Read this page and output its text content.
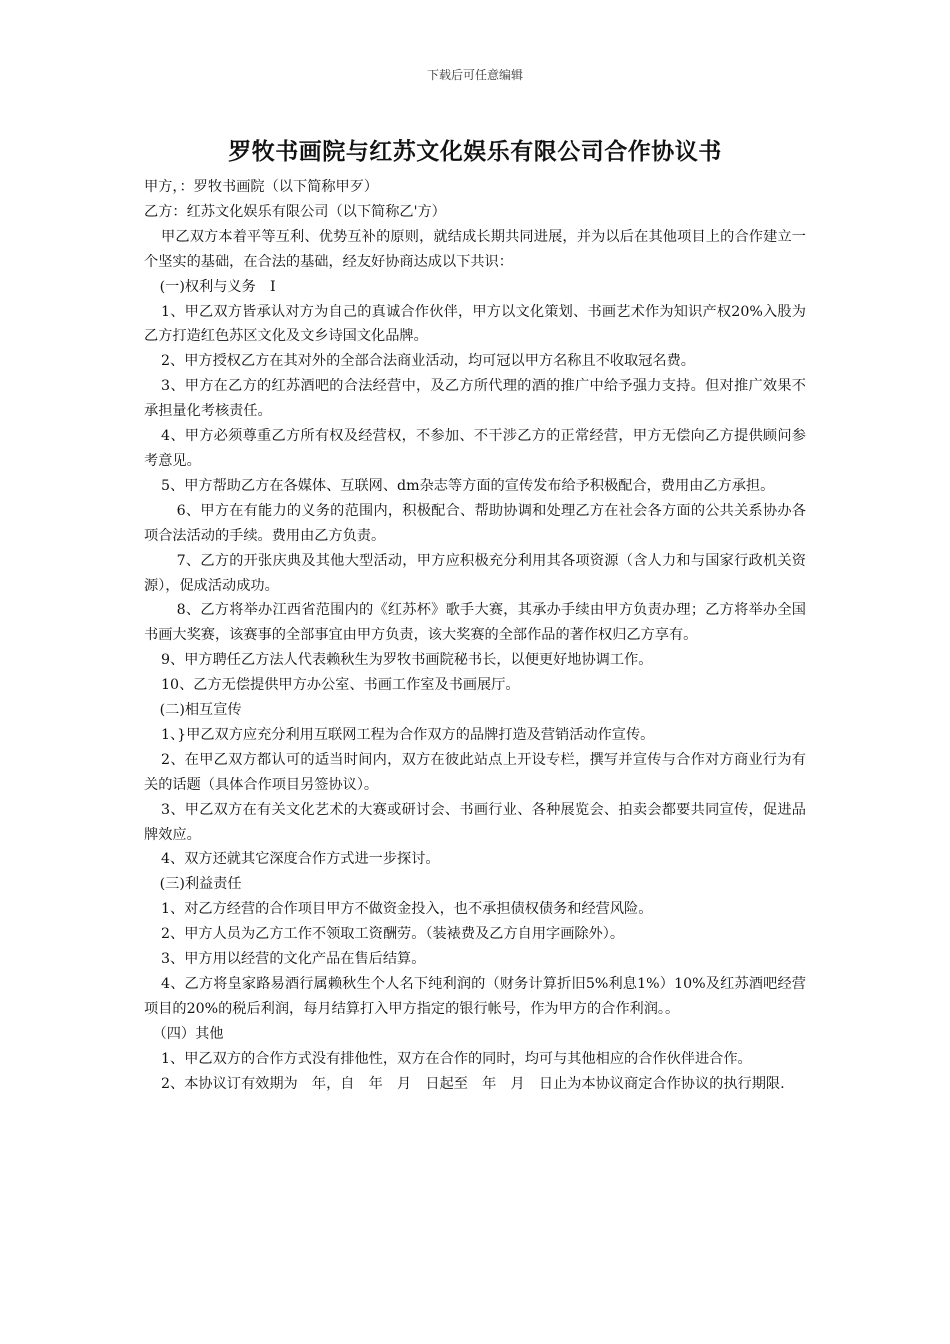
下载后可任意编辑
罗牧书画院与红苏文化娱乐有限公司合作协议书

甲方，：罗牧书画院（以下简称甲歹）

乙方：红苏文化娱乐有限公司（以下简称乙'方）

甲乙双方本着平等互利、优势互补的原则，就结成长期共同进展，并为以后在其他项目上的合作建立一个坚实的基础，在合法的基础，经友好协商达成以下共识：

(一)权利与义务　I

1、甲乙双方皆承认对方为自己的真诚合作伙伴，甲方以文化策划、书画艺术作为知识产权20%入股为乙方打造红色苏区文化及文乡诗国文化品牌。

2、甲方授权乙方在其对外的全部合法商业活动，均可冠以甲方名称且不收取冠名费。

3、甲方在乙方的红苏酒吧的合法经营中，及乙方所代理的酒的推广中给予强力支持。但对推广效果不承担量化考核责任。

4、甲方必须尊重乙方所有权及经营权，不参加、不干涉乙方的正常经营，甲方无偿向乙方提供顾问参考意见。

5、甲方帮助乙方在各媒体、互联网、dm杂志等方面的宣传发布给予积极配合，费用由乙方承担。

6、甲方在有能力的义务的范围内，积极配合、帮助协调和处理乙方在社会各方面的公共关系协办各项合法活动的手续。费用由乙方负责。

7、乙方的开张庆典及其他大型活动，甲方应积极充分利用其各项资源（含人力和与国家行政机关资源），促成活动成功。

8、乙方将举办江西省范围内的《红苏杯》歌手大赛，其承办手续由甲方负责办理；乙方将举办全国书画大奖赛，该赛事的全部事宜由甲方负责，该大奖赛的全部作品的著作权归乙方享有。

9、甲方聘任乙方法人代表赖秋生为罗牧书画院秘书长，以便更好地协调工作。

10、乙方无偿提供甲方办公室、书画工作室及书画展厅。

(二)相互宣传

1、}甲乙双方应充分利用互联网工程为合作双方的品牌打造及营销活动作宣传。

2、在甲乙双方都认可的适当时间内，双方在彼此站点上开设专栏，撰写并宣传与合作对方商业行为有关的话题（具体合作项目另签协议）。

3、甲乙双方在有关文化艺术的大赛或研讨会、书画行业、各种展览会、拍卖会都要共同宣传，促进品牌效应。

4、双方还就其它深度合作方式进一步探讨。

(三)利益责任

1、对乙方经营的合作项目甲方不做资金投入，也不承担债权债务和经营风险。

2、甲方人员为乙方工作不领取工资酬劳。（装裱费及乙方自用字画除外）。

3、甲方用以经营的文化产品在售后结算。

4、乙方将皇家路易酒行属赖秋生个人名下纯利润的（财务计算折旧5%利息1%）10%及红苏酒吧经营项目的20%的税后利润，每月结算打入甲方指定的银行帐号，作为甲方的合作利润。。

（四）其他

1、甲乙双方的合作方式没有排他性，双方在合作的同时，均可与其他相应的合作伙伴进合作。

2、本协议订有效期为　年，自　年　月　日起至　年　月　日止为本协议商定合作协议的执行期限.
